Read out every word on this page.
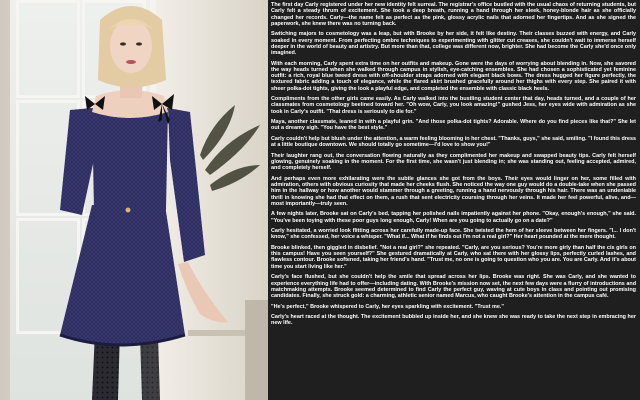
The first day Carly registered under her new identity felt surreal. The registrar's office bustled with the usual chaos of returning students, but Carly felt a steady thrum of excitement. She took a deep breath, running a hand through her sleek, honey-blonde hair as she officially changed her records. Carly—the name felt as perfect as the pink, glossy acrylic nails that adorned her fingertips. And as she signed the paperwork, she knew there was no turning back.

Switching majors to cosmetology was a leap, but with Brooke by her side, it felt like destiny. Their classes buzzed with energy, and Carly soaked in every moment. From perfecting ombre techniques to experimenting with glitter cut creases, she couldn't wait to immerse herself deeper in the world of beauty and artistry. But more than that, college was different now, brighter. She had become the Carly she'd once only imagined.

With each morning, Carly spent extra time on her outfits and makeup. Gone were the days of worrying about blending in. Now, she savored the way heads turned when she walked through campus in stylish, eye-catching ensembles. She had chosen a sophisticated yet feminine outfit: a rich, royal blue tweed dress with off-shoulder straps adorned with elegant black bows. The dress hugged her figure perfectly, the textured fabric adding a touch of elegance, while the flared skirt brushed gracefully around her thighs with every step. She paired it with sheer polka-dot tights, giving the look a playful edge, and completed the ensemble with classic black heels.

Compliments from the other girls came easily. As Carly walked into the bustling student center that day, heads turned, and a couple of her classmates from cosmetology beelined toward her. "Oh wow, Carly, you look amazing!" gushed Jess, her eyes wide with admiration as she took in Carly's outfit. "That dress is seriously to die for."

Maya, another classmate, leaned in with a playful grin. "And those polka-dot tights? Adorable. Where do you find pieces like that?" She let out a dreamy sigh. "You have the best style."

Carly couldn't help but blush under the attention, a warm feeling blooming in her chest. "Thanks, guys," she said, smiling. "I found this dress at a little boutique downtown. We should totally go sometime—I'd love to show you!"

Their laughter rang out, the conversation flowing naturally as they complimented her makeup and swapped beauty tips. Carly felt herself glowing, genuinely soaking in the moment. For the first time, she wasn't just blending in; she was standing out, feeling accepted, admired, and completely herself.

And perhaps even more exhilarating were the subtle glances she got from the boys. Their eyes would linger on her, some filled with admiration, others with obvious curiosity that made her cheeks flush. She noticed the way one guy would do a double-take when she passed him in the hallway or how another would stammer through a greeting, running a hand nervously through his hair. There was an undeniable thrill in knowing she had that effect on them, a rush that sent electricity coursing through her veins. It made her feel powerful, alive, and—most importantly—truly seen.

A few nights later, Brooke sat on Carly's bed, tapping her polished nails impatiently against her phone. "Okay, enough's enough," she said. "You've been toying with these poor guys long enough, Carly! When are you going to actually go on a date?"

Carly hesitated, a worried look flitting across her carefully made-up face. She twisted the hem of her sleeve between her fingers. "I... I don't know," she confessed, her voice a whisper. "What if... What if he finds out I'm not a real girl?" Her heart pounded at the mere thought.

Brooke blinked, then giggled in disbelief. "Not a real girl?" she repeated. "Carly, are you serious? You're more girly than half the cis girls on this campus! Have you seen yourself?" She gestured dramatically at Carly, who sat there with her glossy lips, perfectly curled lashes, and flawless contour. Brooke softened, taking her friend's hand. "Trust me, no one is going to question who you are. You are Carly. And it's about time you start living like her."

Carly's face flushed, but she couldn't help the smile that spread across her lips. Brooke was right. She was Carly, and she wanted to experience everything life had to offer—including dating. With Brooke's mission now set, the next few days were a flurry of introductions and matchmaking attempts. Brooke seemed determined to find Carly the perfect guy, waving at cute boys in class and pointing out promising candidates. Finally, she struck gold: a charming, athletic senior named Marcus, who caught Brooke's attention in the campus café.

"He's perfect," Brooke whispered to Carly, her eyes sparkling with excitement. "Trust me."

Carly's heart raced at the thought. The excitement bubbled up inside her, and she knew she was ready to take the next step in embracing her new life.
